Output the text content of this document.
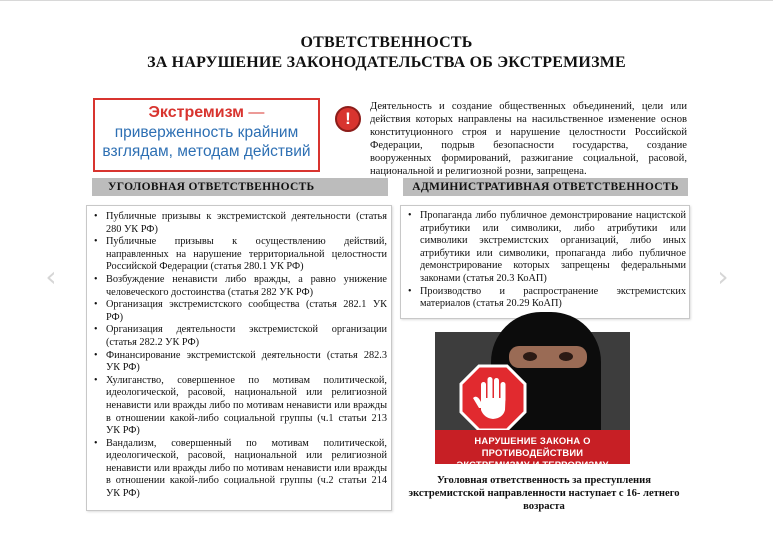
‹	›
ОТВЕТСТВЕННОСТЬ
ЗА НАРУШЕНИЕ ЗАКОНОДАТЕЛЬСТВА ОБ ЭКСТРЕМИЗМЕ
Экстремизм —
приверженность крайним взглядам, методам действий
!
Деятельность и создание общественных объединений, цели или действия которых направлены на насильственное изменение основ конституционного строя и нарушение целостности Российской Федерации, подрыв безопасности государства, создание вооруженных формирований, разжигание социальной, расовой, национальной и религиозной розни, запрещена.
УГОЛОВНАЯ ОТВЕТСТВЕННОСТЬ	АДМИНИСТРАТИВНАЯ ОТВЕТСТВЕННОСТЬ
• Публичные призывы к экстремистской деятельности (статья 280 УК РФ)
• Публичные призывы к осуществлению действий, направленных на нарушение территориальной целостности Российской Федерации (статья 280.1 УК РФ)
• Возбуждение ненависти либо вражды, а равно унижение человеческого достоинства (статья 282 УК РФ)
• Организация экстремистского сообщества (статья 282.1 УК РФ)
• Организация деятельности экстремистской организации (статья 282.2 УК РФ)
• Финансирование экстремистской деятельности (статья 282.3 УК РФ)
• Хулиганство, совершенное по мотивам политической, идеологической, расовой, национальной или религиозной ненависти или вражды либо по мотивам ненависти или вражды в отношении какой-либо социальной группы (ч.1 статьи 213 УК РФ)
• Вандализм, совершенный по мотивам политической, идеологической, расовой, национальной или религиозной ненависти или вражды либо по мотивам ненависти или вражды в отношении какой-либо социальной группы (ч.2 статьи 214 УК РФ)
• Пропаганда либо публичное демонстрирование нацистской атрибутики или символики, либо атрибутики или символики экстремистских организаций, либо иных атрибутики или символики, пропаганда либо публичное демонстрирование которых запрещены федеральными законами (статья 20.3 КоАП)
• Производство и распространение экстремистских материалов (статья 20.29 КоАП)
НАРУШЕНИЕ ЗАКОНА О ПРОТИВОДЕЙСТВИИ
ЭКСТРЕМИЗМУ И ТЕРРОРИЗМУ
Уголовная ответственность за преступления экстремистской направленности наступает с 16- летнего возраста
